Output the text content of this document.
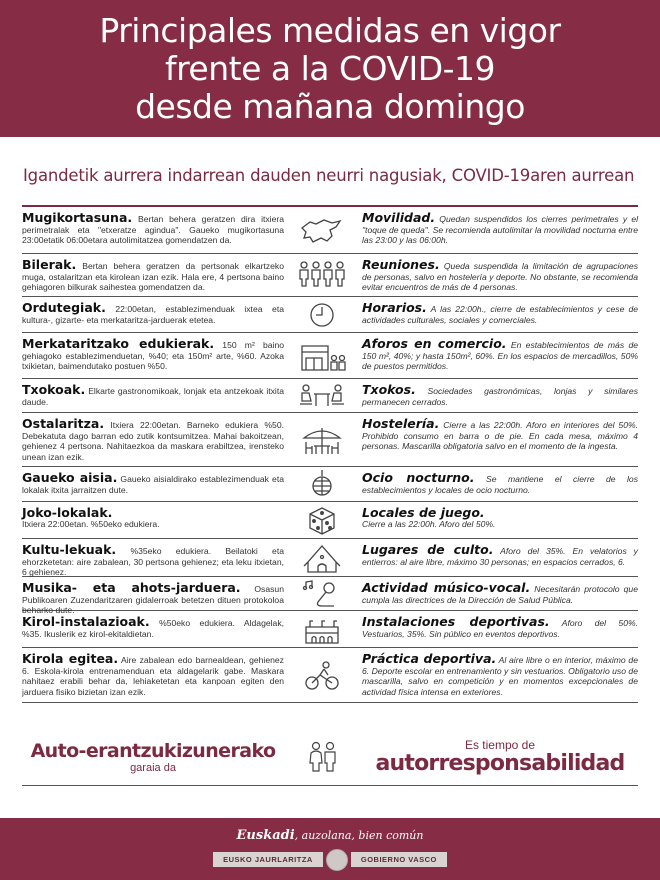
Principales medidas en vigor
frente a la COVID-19
desde mañana domingo
Igandetik aurrera indarrean dauden neurri nagusiak, COVID-19aren aurrean
Mugikortasuna. Bertan behera geratzen dira itxiera perimetralak eta "etxeratze agindua". Gaueko mugikortasuna 23:00etatik 06:00etara autolimitatzea gomendatzen da.
Movilidad. Quedan suspendidos los cierres perimetrales y el "toque de queda". Se recomienda autolimitar la movilidad nocturna entre las 23:00 y las 06:00h.
Bilerak. Bertan behera geratzen da pertsonak elkartzeko muga, ostalaritzan eta kirolean izan ezik. Hala ere, 4 pertsona baino gehiagoren bilkurak saihestea gomendatzen da.
Reuniones. Queda suspendida la limitación de agrupaciones de personas, salvo en hostelería y deporte. No obstante, se recomienda evitar encuentros de más de 4 personas.
Ordutegiak. 22:00etan, establezimenduak ixtea eta kultura-, gizarte- eta merkataritza-jarduerak etetea.
Horarios. A las 22:00h., cierre de establecimientos y cese de actividades culturales, sociales y comerciales.
Merkataritzako edukierak. 150 m² baino gehiagoko establezimenduetan, %40; eta 150m² arte, %60. Azoka txikietan, baimendutako postuen %50.
Aforos en comercio. En establecimientos de más de 150 m², 40%; y hasta 150m², 60%. En los espacios de mercadillos, 50% de puestos permitidos.
Txokoak. Elkarte gastronomikoak, lonjak eta antzekoak itxita daude.
Txokos. Sociedades gastronómicas, lonjas y similares permanecen cerrados.
Ostalaritza. Itxiera 22:00etan. Barneko edukiera %50. Debekatuta dago barran edo zutik kontsumitzea. Mahai bakoitzean, gehienez 4 pertsona. Nahitaezkoa da maskara erabiltzea, irensteko unean izan ezik.
Hostelería. Cierre a las 22:00h. Aforo en interiores del 50%. Prohibido consumo en barra o de pie. En cada mesa, máximo 4 personas. Mascarilla obligatoria salvo en el momento de la ingesta.
Gaueko aisia. Gaueko aisialdirako establezimenduak eta lokalak itxita jarraitzen dute.
Ocio nocturno. Se mantiene el cierre de los establecimientos y locales de ocio nocturno.
Joko-lokalak.
Itxiera 22:00etan. %50eko edukiera.
Locales de juego.
Cierre a las 22:00h. Aforo del 50%.
Kultu-lekuak. %35eko edukiera. Beilatoki eta ehorzketetan: aire zabalean, 30 pertsona gehienez; eta leku itxietan, 6 gehienez.
Lugares de culto. Aforo del 35%. En velatorios y entierros: al aire libre, máximo 30 personas; en espacios cerrados, 6.
Musika- eta ahots-jarduera. Osasun Publikoaren Zuzendaritzaren gidalerroak betetzen dituen protokoloa beharko dute.
Actividad músico-vocal. Necesitarán protocolo que cumpla las directrices de la Dirección de Salud Pública.
Kirol-instalazioak. %50eko edukiera. Aldagelak, %35. Ikuslerik ez kirol-ekitaldietan.
Instalaciones deportivas. Aforo del 50%. Vestuarios, 35%. Sin público en eventos deportivos.
Kirola egitea. Aire zabalean edo barnealdean, gehienez 6. Eskola-kirola entrenamenduan eta aldagelarik gabe. Maskara nahitaez erabili behar da, lehiaketetan eta kanpoan egiten den jarduera fisiko bizietan izan ezik.
Práctica deportiva. Al aire libre o en interior, máximo de 6. Deporte escolar en entrenamiento y sin vestuarios. Obligatorio uso de mascarilla, salvo en competición y en momentos excepcionales de actividad física intensa en exteriores.
Auto-erantzukizunerako
garaia da
Es tiempo de
autorresponsabilidad
Euskadi, auzolana, bien común
EUSKO JAURLARITZA	GOBIERNO VASCO
